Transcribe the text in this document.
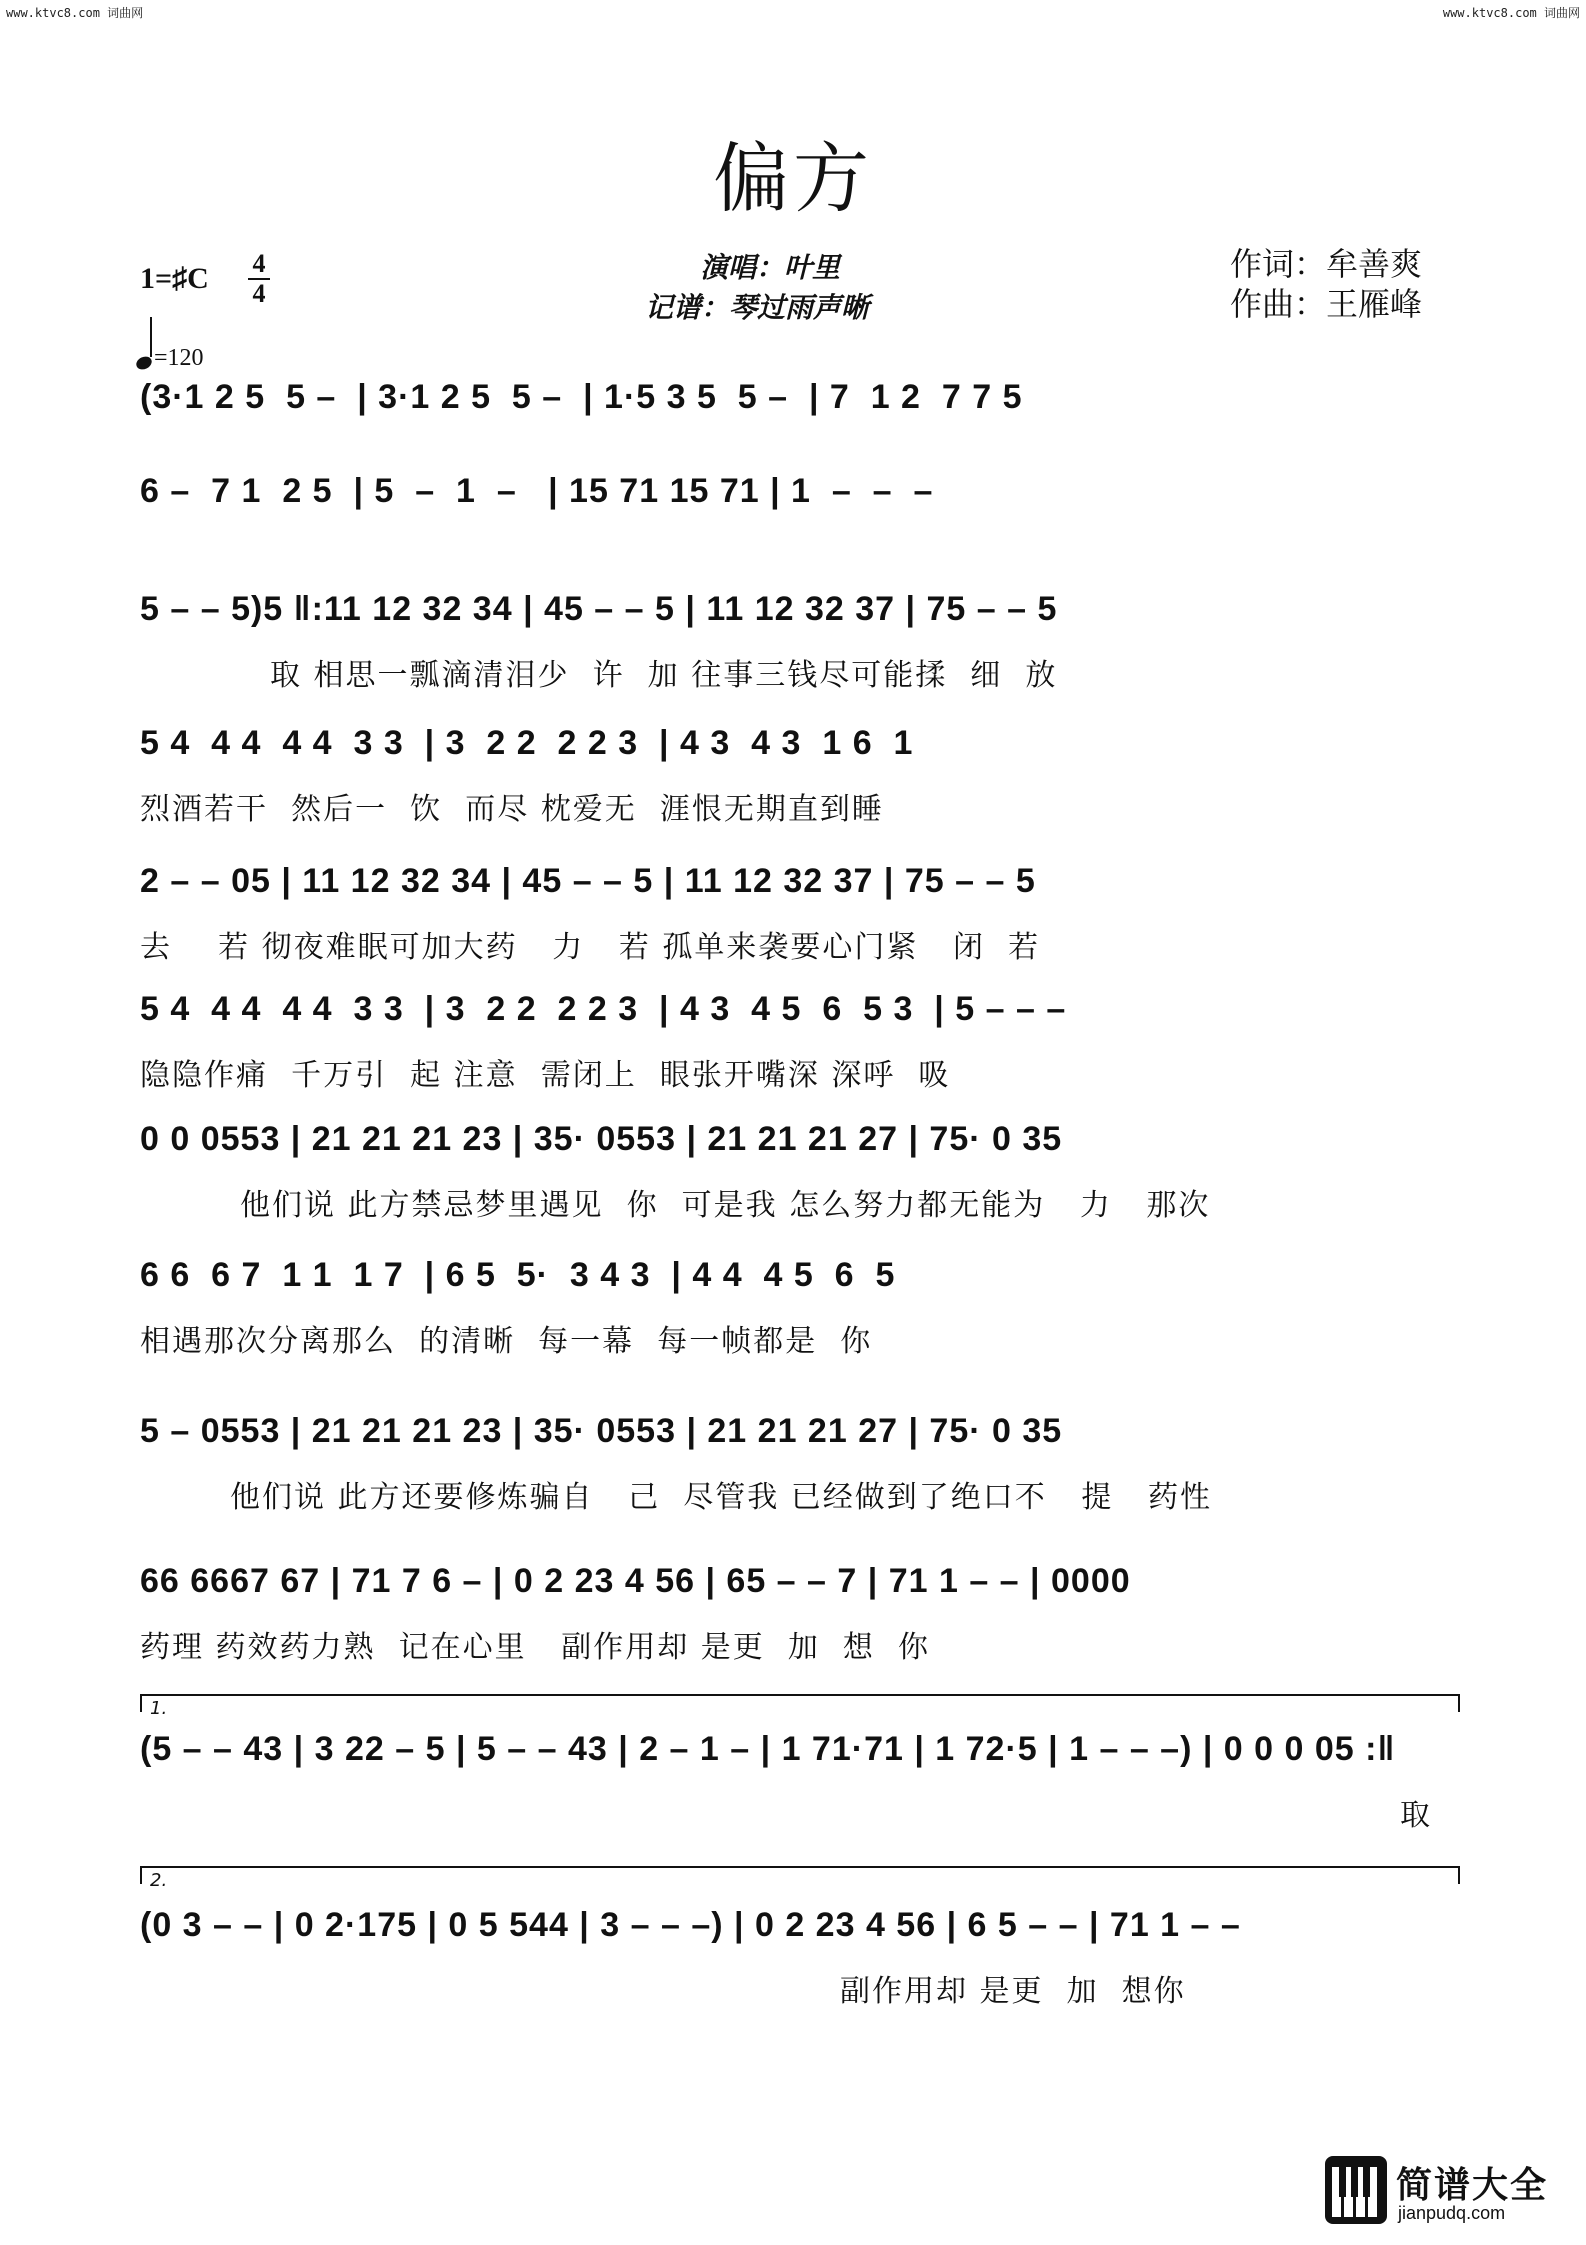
www.ktvc8.com 词曲网	www.ktvc8.com 词曲网
偏方
1=♯C 4
4
=120
演唱：叶里
记谱：琴过雨声晰
作词：牟善爽
作曲：王雁峰
(3·1 2 5  5 –  | 3·1 2 5  5 –  | 1·5 3 5  5 –  | 7  1 2  7 7 5
6 –  7 1  2 5  | 5  –  1  –   | 15 71 15 71 | 1  –  –  –
5 – – 5)5 ‖:11 12 32 34 | 45 – – 5 | 11 12 32 37 | 75 – – 5
取 相思一瓢滴清泪少  许  加 往事三钱尽可能揉  细  放
5 4  4 4  4 4  3 3  | 3  2 2  2 2 3  | 4 3  4 3  1 6  1
烈酒若干  然后一  饮  而尽 枕爱无  涯恨无期直到睡
2 – – 05 | 11 12 32 34 | 45 – – 5 | 11 12 32 37 | 75 – – 5
去    若 彻夜难眠可加大药   力   若 孤单来袭要心门紧   闭  若
5 4  4 4  4 4  3 3  | 3  2 2  2 2 3  | 4 3  4 5  6  5 3  | 5 – – –
隐隐作痛  千万引  起 注意  需闭上  眼张开嘴深 深呼  吸
0 0 0553 | 21 21 21 23 | 35· 0553 | 21 21 21 27 | 75· 0 35
他们说 此方禁忌梦里遇见  你  可是我 怎么努力都无能为   力   那次
6 6  6 7  1 1  1 7  | 6 5  5·  3 4 3  | 4 4  4 5  6  5
相遇那次分离那么  的清晰  每一幕  每一帧都是  你
5 – 0553 | 21 21 21 23 | 35· 0553 | 21 21 21 27 | 75· 0 35
他们说 此方还要修炼骗自   己  尽管我 已经做到了绝口不   提   药性
66 6667 67 | 71 7 6 – | 0 2 23 4 56 | 65 – – 7 | 71 1 – – | 0000
药理 药效药力熟  记在心里   副作用却 是更  加  想  你
1.
(5 – – 43 | 3 22 – 5 | 5 – – 43 | 2 – 1 – | 1 71·71 | 1 72·5 | 1 – – –) | 0 0 0 05 :‖
取
2.
(0 3 – – | 0 2·175 | 0 5 544 | 3 – – –) | 0 2 23 4 56 | 6 5 – – | 71 1 – –
副作用却 是更  加  想你
简谱大全
jianpudq.com
